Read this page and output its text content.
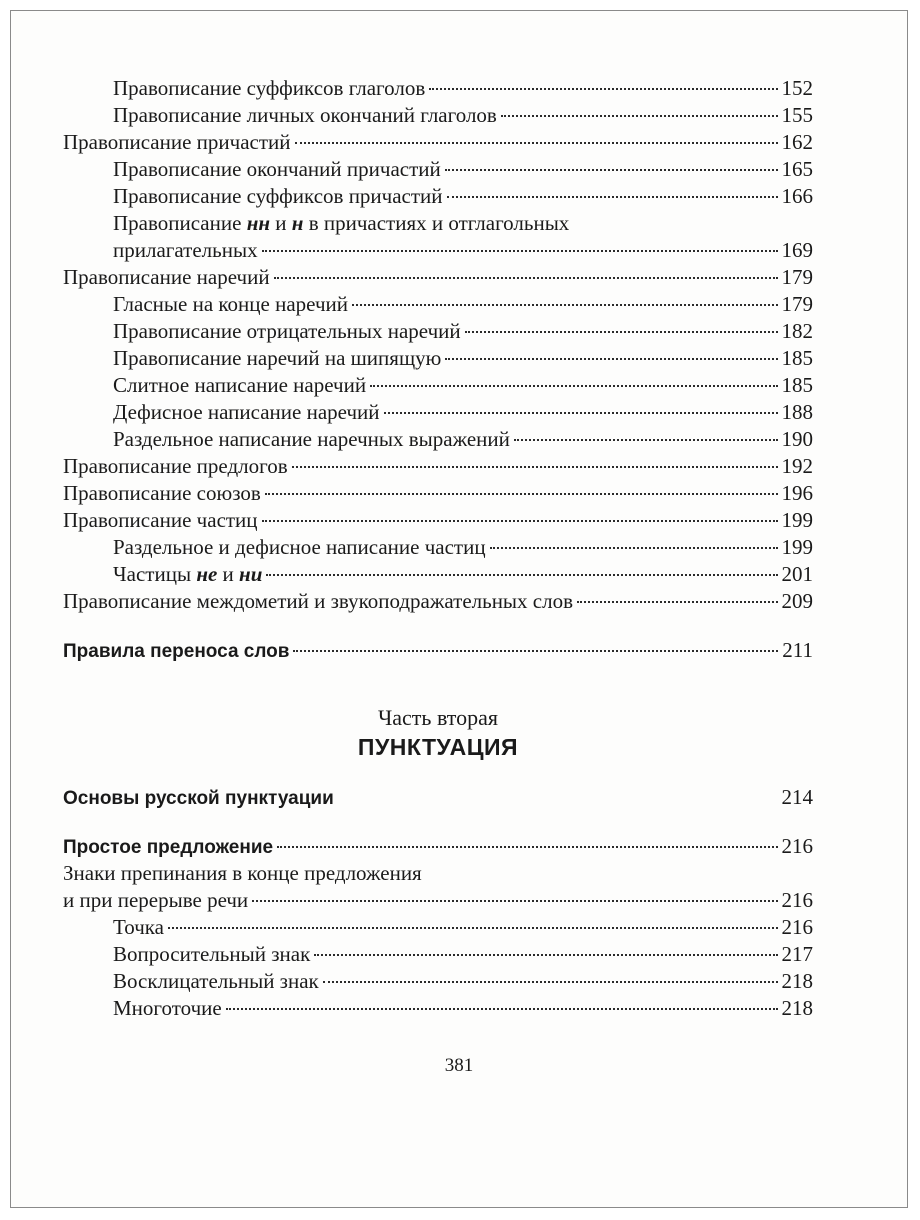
Правописание суффиксов глаголов	152
Правописание личных окончаний глаголов	155
Правописание причастий	162
Правописание окончаний причастий	165
Правописание суффиксов причастий	166
Правописание нн и н в причастиях и отглагольных
прилагательных	169
Правописание наречий	179
Гласные на конце наречий	179
Правописание отрицательных наречий	182
Правописание наречий на шипящую	185
Слитное написание наречий	185
Дефисное написание наречий	188
Раздельное написание наречных выражений	190
Правописание предлогов	192
Правописание союзов	196
Правописание частиц	199
Раздельное и дефисное написание частиц	199
Частицы не и ни	201
Правописание междометий и звукоподражательных слов	209
Правила переноса слов	211
Часть вторая
ПУНКТУАЦИЯ
Основы русской пунктуации	214
Простое предложение	216
Знаки препинания в конце предложения
и при перерыве речи	216
Точка	216
Вопросительный знак	217
Восклицательный знак	218
Многоточие	218
381
